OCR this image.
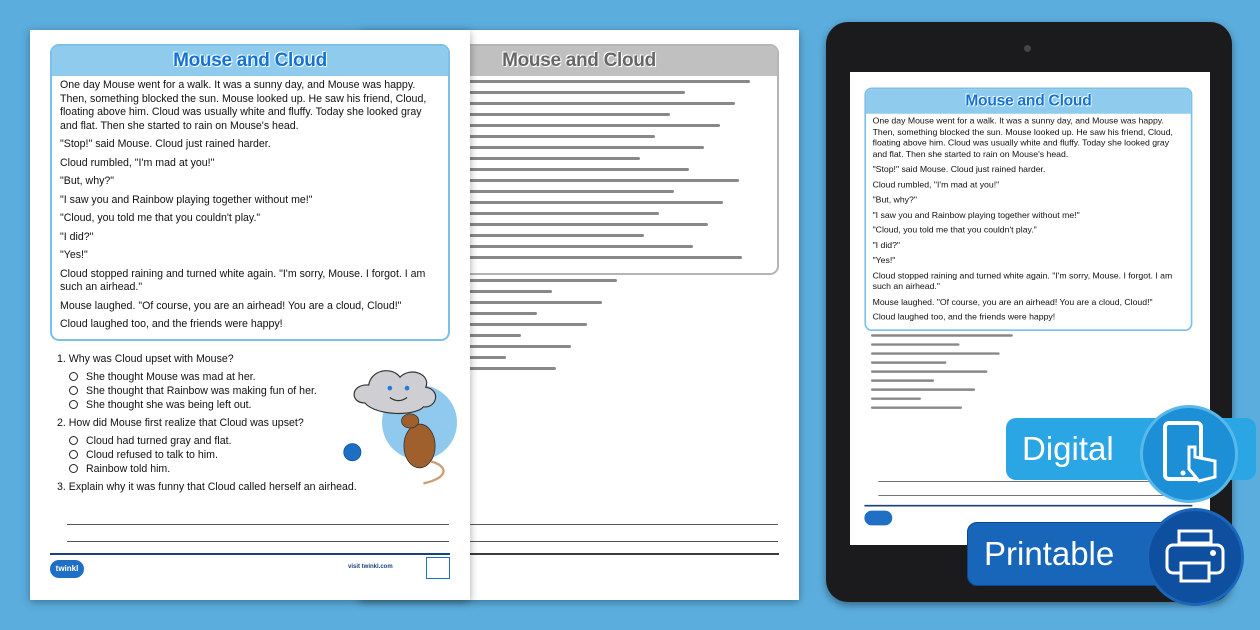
Mouse and Cloud

One day Mouse went for a walk. It was a sunny day, and Mouse was happy. Then, something blocked the sun. Mouse looked up. He saw his friend, Cloud, floating above him. Cloud was usually white and fluffy. Today she looked gray and flat. Then she started to rain on Mouse's head.

"Stop!" said Mouse. Cloud just rained harder.

Cloud rumbled, "I'm mad at you!"

"But, why?"

"I saw you and Rainbow playing together without me!"

"Cloud, you told me that you couldn't play."

"I did?"

"Yes!"

Cloud stopped raining and turned white again. "I'm sorry, Mouse. I forgot. I am such an airhead."

Mouse laughed. "Of course, you are an airhead! You are a cloud, Cloud!"

Cloud laughed too, and the friends were happy!

1. Why was Cloud upset with Mouse?
She thought Mouse was mad at her.
She thought that Rainbow was making fun of her.
She thought she was being left out.
2. How did Mouse first realize that Cloud was upset?
Cloud had turned gray and flat.
Cloud refused to talk to him.
Rainbow told him.
3. Explain why it was funny that Cloud called herself an airhead.
twinkl	visit twinkl.com
Mouse and Cloud
Mouse and Cloud

One day Mouse went for a walk. It was a sunny day, and Mouse was happy. Then, something blocked the sun. Mouse looked up. He saw his friend, Cloud, floating above him. Cloud was usually white and fluffy. Today she looked gray and flat. Then she started to rain on Mouse's head.

"Stop!" said Mouse. Cloud just rained harder.

Cloud rumbled, "I'm mad at you!"

"But, why?"

"I saw you and Rainbow playing together without me!"

"Cloud, you told me that you couldn't play."

"I did?"

"Yes!"

Cloud stopped raining and turned white again. "I'm sorry, Mouse. I forgot. I am such an airhead."

Mouse laughed. "Of course, you are an airhead! You are a cloud, Cloud!"

Cloud laughed too, and the friends were happy!

Digital
Printable
